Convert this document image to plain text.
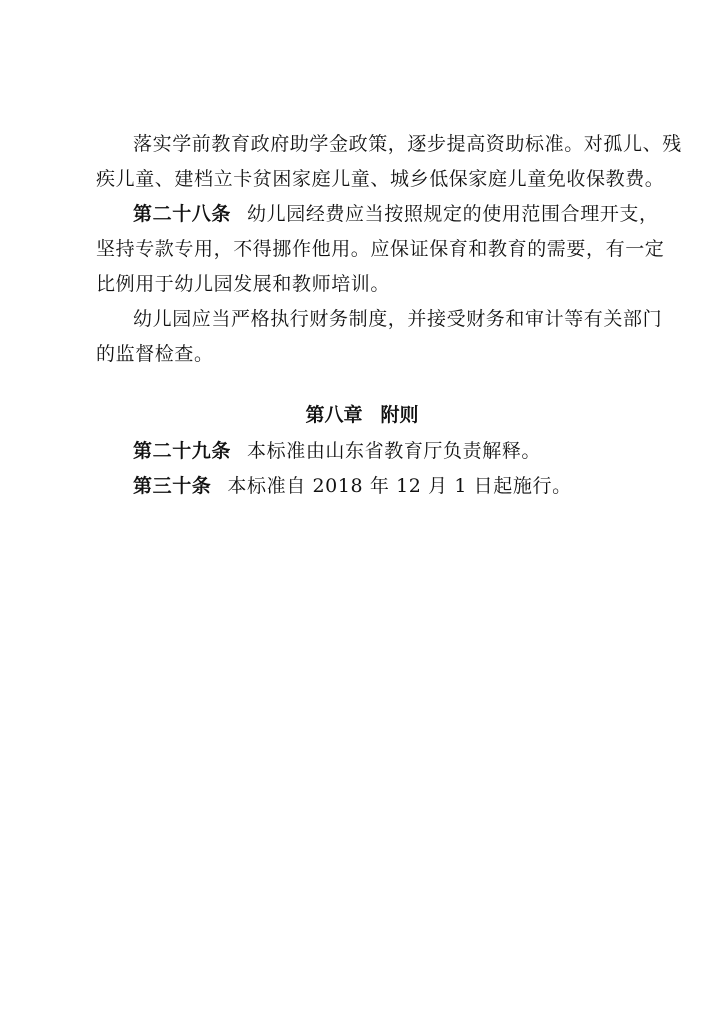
落实学前教育政府助学金政策，逐步提高资助标准。对孤儿、残
疾儿童、建档立卡贫困家庭儿童、城乡低保家庭儿童免收保教费。
第二十八条 幼儿园经费应当按照规定的使用范围合理开支，
坚持专款专用，不得挪作他用。应保证保育和教育的需要，有一定
比例用于幼儿园发展和教师培训。
幼儿园应当严格执行财务制度，并接受财务和审计等有关部门
的监督检查。
第八章 附则
第二十九条 本标准由山东省教育厅负责解释。
第三十条 本标准自 2018 年 12 月 1 日起施行。
